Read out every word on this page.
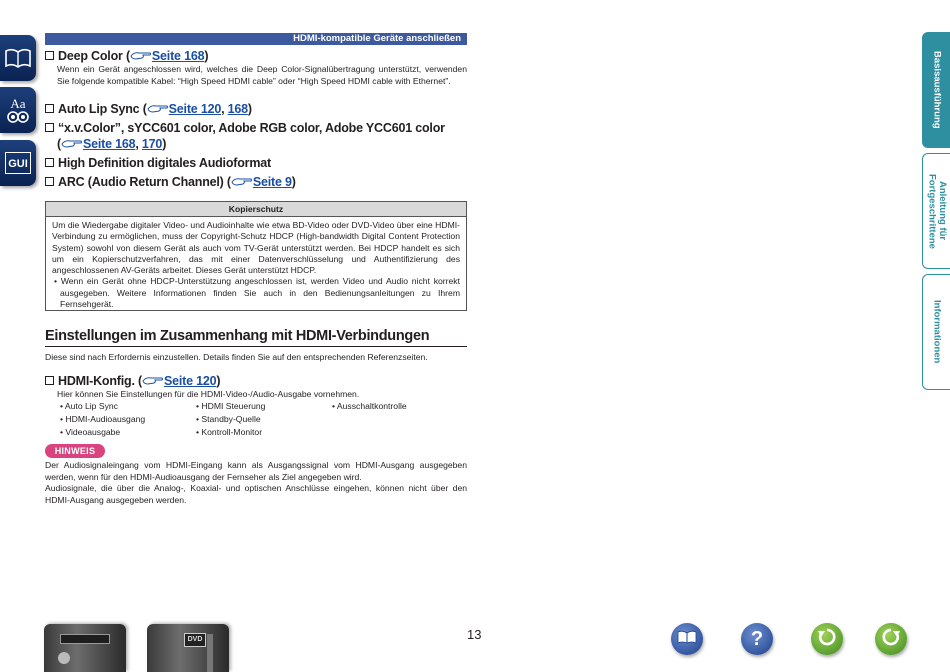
Aa
GUI
Basisausführung
Anleitung für Fortgeschrittene
Informationen
HDMI-kompatible Geräte anschließen
Deep Color ( Seite 168)
Wenn ein Gerät angeschlossen wird, welches die Deep Color-Signalübertragung unterstützt, verwenden Sie folgende kompatible Kabel: “High Speed HDMI cable” oder “High Speed HDMI cable with Ethernet”.
Auto Lip Sync ( Seite 120, 168)
“x.v.Color”, sYCC601 color, Adobe RGB color, Adobe YCC601 color
( Seite 168, 170)
High Definition digitales Audioformat
ARC (Audio Return Channel) ( Seite 9)
Kopierschutz
Um die Wiedergabe digitaler Video- und Audioinhalte wie etwa BD-Video oder DVD-Video über eine HDMI-Verbindung zu ermöglichen, muss der Copyright-Schutz HDCP (High-bandwidth Digital Content Protection System) sowohl von diesem Gerät als auch vom TV-Gerät unterstützt werden. Bei HDCP handelt es sich um ein Kopierschutzverfahren, das mit einer Datenverschlüsselung und Authentifizierung des angeschlossenen AV-Geräts arbeitet. Dieses Gerät unterstützt HDCP.
• Wenn ein Gerät ohne HDCP-Unterstützung angeschlossen ist, werden Video und Audio nicht korrekt ausgegeben. Weitere Informationen finden Sie auch in den Bedienungsanleitungen zu Ihrem Fernsehgerät.
Einstellungen im Zusammenhang mit HDMI-Verbindungen
Diese sind nach Erfordernis einzustellen. Details finden Sie auf den entsprechenden Referenzseiten.
HDMI-Konfig. ( Seite 120)
Hier können Sie Einstellungen für die HDMI-Video-/Audio-Ausgabe vornehmen.
• Auto Lip Sync
• HDMI-Audioausgang
• Videoausgabe
• HDMI Steuerung
• Standby-Quelle
• Kontroll-Monitor
• Ausschaltkontrolle
HINWEIS
Der Audiosignaleingang vom HDMI-Eingang kann als Ausgangssignal vom HDMI-Ausgang ausgegeben werden, wenn für den HDMI-Audioausgang der Fernseher als Ziel angegeben wird.
Audiosignale, die über die Analog-, Koaxial- und optischen Anschlüsse eingehen, können nicht über den HDMI-Ausgang ausgegeben werden.
DVD	13	?
